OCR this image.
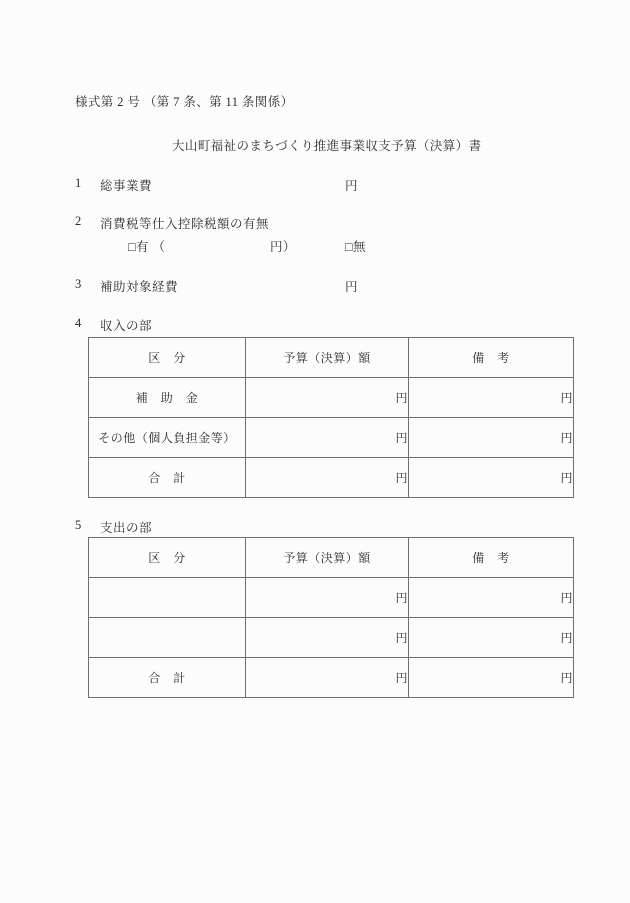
様式第 2 号 （第 7 条、第 11 条関係）
大山町福祉のまちづくり推進事業収支予算（決算）書
1 総事業費	円
2 消費税等仕入控除税額の有無
□有 （	円）	□無
3 補助対象経費	円
4 収入の部
区　分	予算（決算）額	備　考
補　助　金	円	円
その他（個人負担金等）	円	円
合　計	円	円
5 支出の部
区　分	予算（決算）額	備　考
	円	円
	円	円
合　計	円	円
